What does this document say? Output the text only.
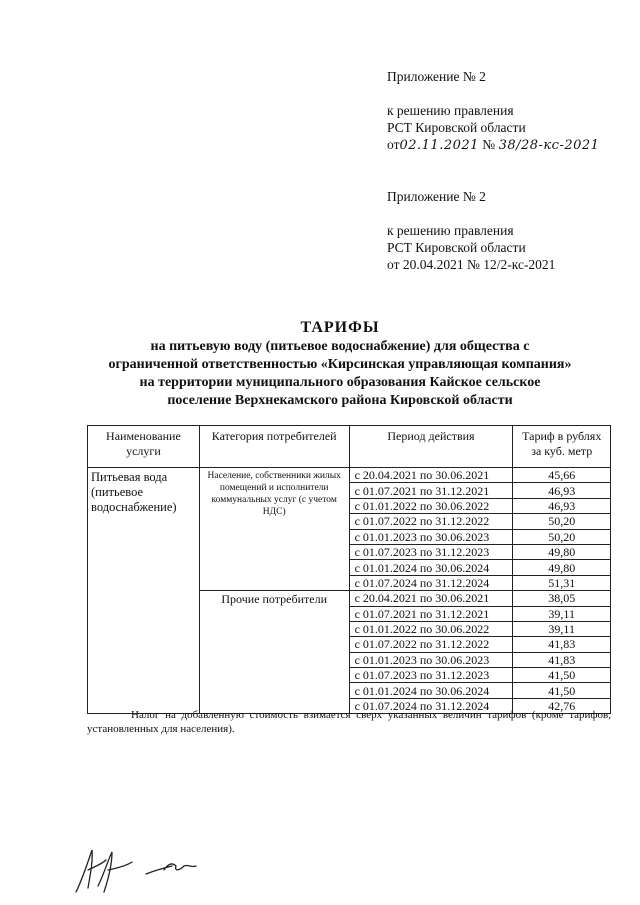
Приложение № 2
к решению правления
РСТ Кировской области
от02.11.2021 № 38/28-кс-2021
Приложение № 2
к решению правления
РСТ Кировской области
от 20.04.2021 № 12/2-кс-2021
ТАРИФЫ
на питьевую воду (питьевое водоснабжение) для общества с
ограниченной ответственностью «Кирсинская управляющая компания»
на территории муниципального образования Кайское сельское
поселение Верхнекамского района Кировской области
Наименование услуги	Категория потребителей	Период действия	Тариф в рублях за куб. метр
Питьевая вода (питьевое водоснабжение)	Население, собственники жилых помещений и исполнители коммунальных услуг (с учетом НДС)	с 20.04.2021 по 30.06.2021	45,66
		с 01.07.2021 по 31.12.2021	46,93
		с 01.01.2022 по 30.06.2022	46,93
		с 01.07.2022 по 31.12.2022	50,20
		с 01.01.2023 по 30.06.2023	50,20
		с 01.07.2023 по 31.12.2023	49,80
		с 01.01.2024 по 30.06.2024	49,80
		с 01.07.2024 по 31.12.2024	51,31
	Прочие потребители	с 20.04.2021 по 30.06.2021	38,05
		с 01.07.2021 по 31.12.2021	39,11
		с 01.01.2022 по 30.06.2022	39,11
		с 01.07.2022 по 31.12.2022	41,83
		с 01.01.2023 по 30.06.2023	41,83
		с 01.07.2023 по 31.12.2023	41,50
		с 01.01.2024 по 30.06.2024	41,50
		с 01.07.2024 по 31.12.2024	42,76
Налог на добавленную стоимость взимается сверх указанных величин тарифов (кроме тарифов, установленных для населения).
